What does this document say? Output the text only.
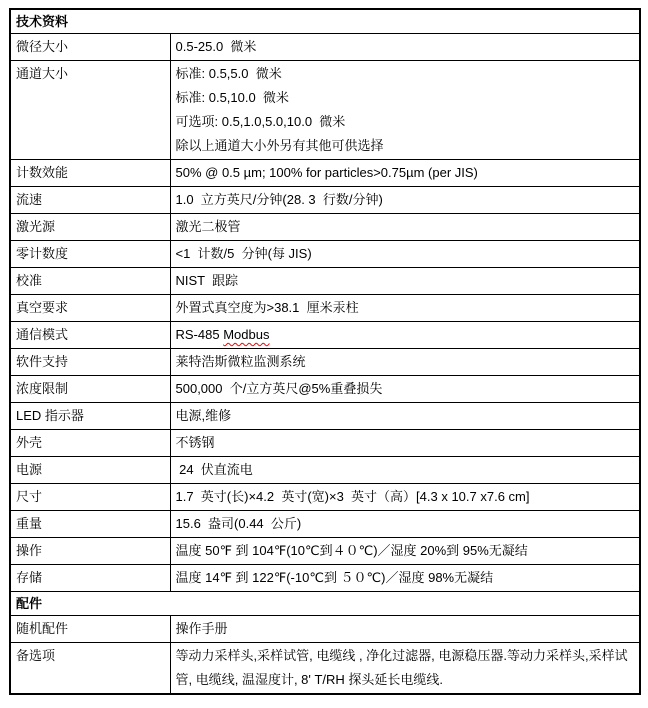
技术资料	
微径大小	0.5-25.0  微米

通道大小	标准: 0.5,5.0  微米
标准: 0.5,10.0  微米
可选项: 0.5,1.0,5.0,10.0  微米
除以上通道大小外另有其他可供选择

计数效能	50% @ 0.5 µm; 100% for particles>0.75µm (per JIS)

流速	1.0  立方英尺/分钟(28. 3  行数/分钟)

激光源	激光二极管

零计数度	<1  计数/5  分钟(每 JIS)

校准	NIST  跟踪

真空要求	外置式真空度为>38.1  厘米汞柱

通信模式	RS-485 Modbus

软件支持	莱特浩斯微粒监测系统

浓度限制	500,000  个/立方英尺@5%重叠损失

LED 指示器	电源,维修

外壳	不锈钢

电源	24  伏直流电

尺寸	1.7  英寸(长)×4.2  英寸(宽)×3  英寸（高）[4.3 x 10.7 x7.6 cm]

重量	15.6  盎司(0.44  公斤)

操作	温度 50℉ 到 104℉(10℃到４０℃)／湿度 20%到 95%无凝结

存储	温度 14℉ 到 122℉(-10℃到 ５０℃)／湿度 98%无凝结

配件	
随机配件	操作手册

备选项	等动力采样头,采样试管, 电缆线 , 净化过滤器, 电源稳压器.等动力采样头,采样试管, 电缆线, 温湿度计, 8' T/RH 探头延长电缆线.
